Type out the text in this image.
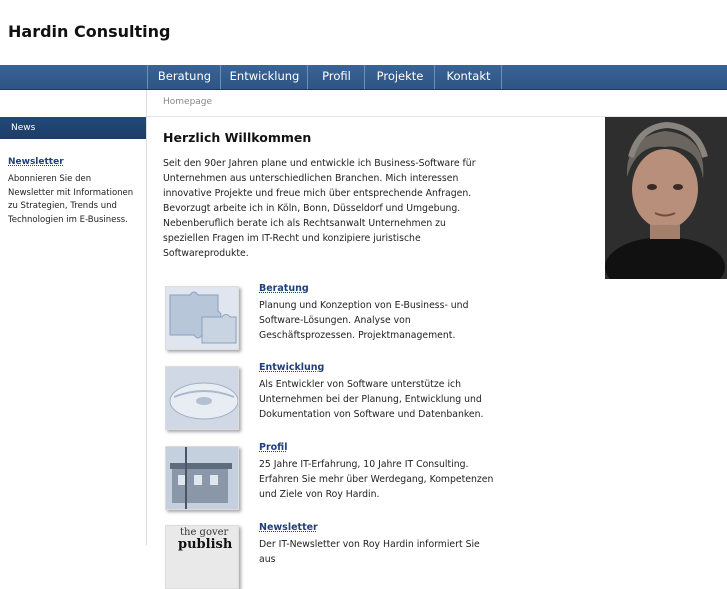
Hardin Consulting
Beratung	Entwicklung	Profil	Projekte	Kontakt
Homepage
News
Newsletter
Abonnieren Sie den Newsletter mit Informationen zu Strategien, Trends und Technologien im E-Business.
Herzlich Willkommen
Seit den 90er Jahren plane und entwickle ich Business-Software für Unternehmen aus unterschiedlichen Branchen. Mich interessen innovative Projekte und freue mich über entsprechende Anfragen. Bevorzugt arbeite ich in Köln, Bonn, Düsseldorf und Umgebung. Nebenberuflich berate ich als Rechtsanwalt Unternehmen zu speziellen Fragen im IT-Recht und konzipiere juristische Softwareprodukte.
Beratung
Planung und Konzeption von E-Business- und Software-Lösungen. Analyse von Geschäftsprozessen. Projektmanagement.
Entwicklung
Als Entwickler von Software unterstütze ich Unternehmen bei der Planung, Entwicklung und Dokumentation von Software und Datenbanken.
Profil
25 Jahre IT-Erfahrung, 10 Jahre IT Consulting. Erfahren Sie mehr über Werdegang, Kompetenzen und Ziele von Roy Hardin.
the gover
publish
Newsletter
Der IT-Newsletter von Roy Hardin informiert Sie aus
